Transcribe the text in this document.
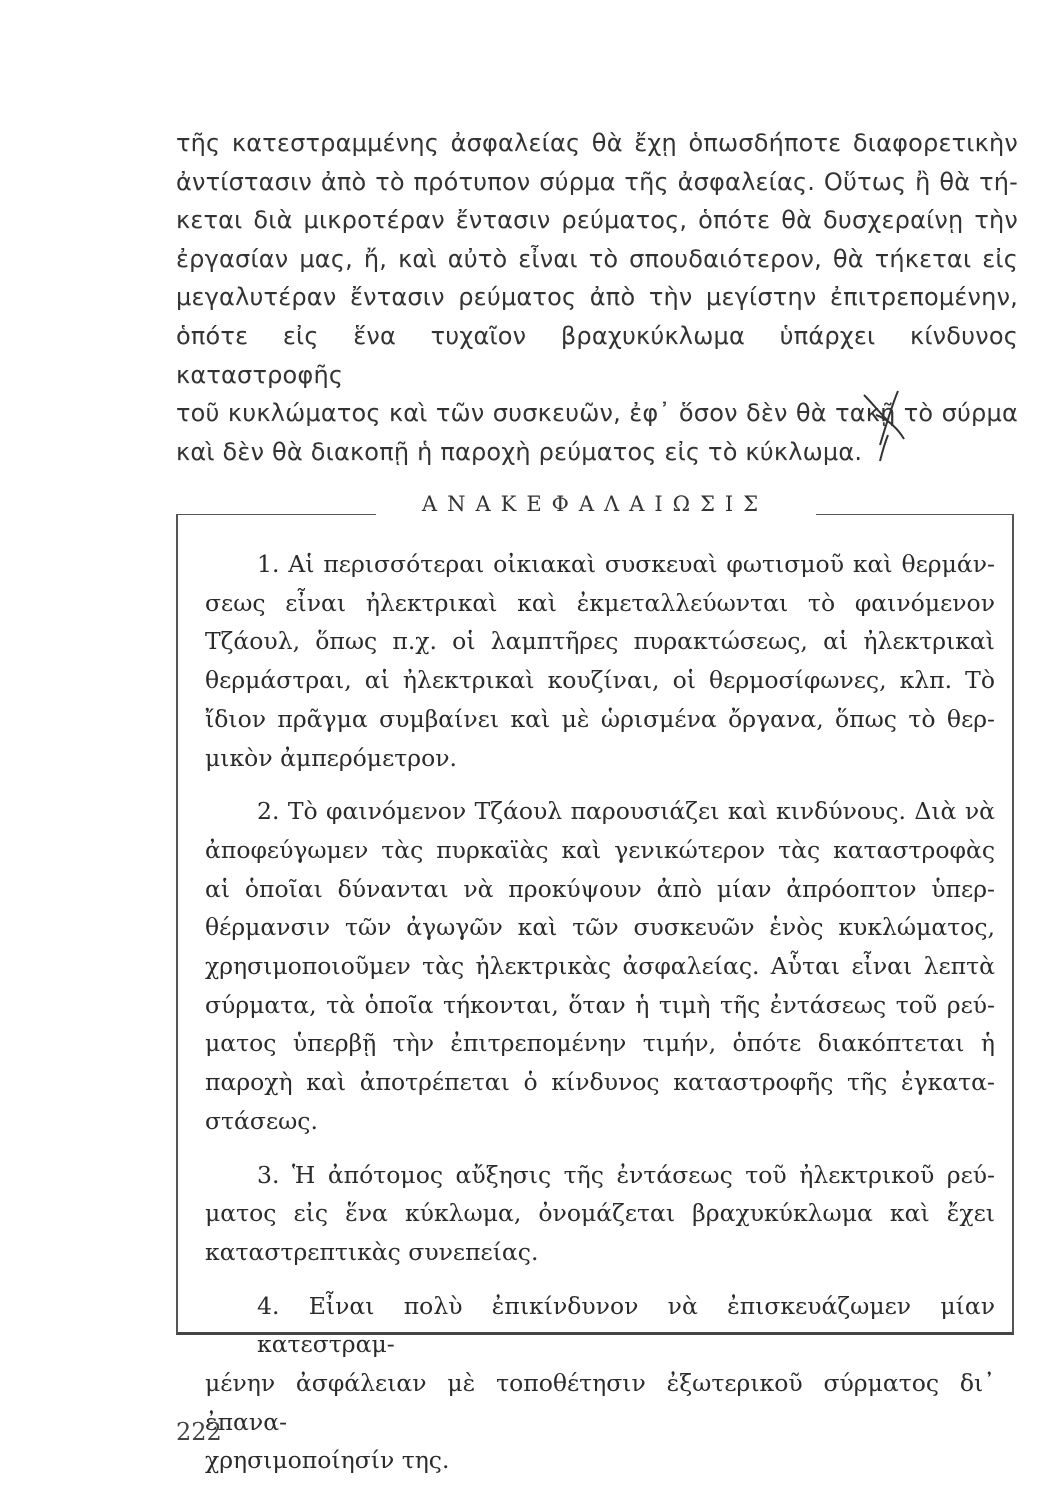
τῆς κατεστραμμένης ἀσφαλείας θὰ ἔχῃ ὁπωσδήποτε διαφορετικὴν
ἀντίστασιν ἀπὸ τὸ πρότυπον σύρμα τῆς ἀσφαλείας. Οὕτως ἢ θὰ τή-
κεται διὰ μικροτέραν ἔντασιν ρεύματος, ὁπότε θὰ δυσχεραίνῃ τὴν
ἐργασίαν μας, ἤ, καὶ αὐτὸ εἶναι τὸ σπουδαιότερον, θὰ τήκεται εἰς
μεγαλυτέραν ἔντασιν ρεύματος ἀπὸ τὴν μεγίστην ἐπιτρεπομένην,
ὁπότε εἰς ἕνα τυχαῖον βραχυκύκλωμα ὑπάρχει κίνδυνος καταστροφῆς
τοῦ κυκλώματος καὶ τῶν συσκευῶν, ἐφ᾽ ὅσον δὲν θὰ τακῇ τὸ σύρμα
καὶ δὲν θὰ διακοπῇ ἡ παροχὴ ρεύματος εἰς τὸ κύκλωμα.
ΑΝΑΚΕΦΑΛΑΙΩΣΙΣ
1. Αἱ περισσότεραι οἰκιακαὶ συσκευαὶ φωτισμοῦ καὶ θερμάν-
σεως εἶναι ἠλεκτρικαὶ καὶ ἐκμεταλλεύωνται τὸ φαινόμενον
Τζάουλ, ὅπως π.χ. οἱ λαμπτῆρες πυρακτώσεως, αἱ ἠλεκτρικαὶ
θερμάστραι, αἱ ἠλεκτρικαὶ κουζίναι, οἱ θερμοσίφωνες, κλπ. Τὸ
ἴδιον πρᾶγμα συμβαίνει καὶ μὲ ὡρισμένα ὄργανα, ὅπως τὸ θερ-
μικὸν ἀμπερόμετρον.
2. Τὸ φαινόμενον Τζάουλ παρουσιάζει καὶ κινδύνους. Διὰ νὰ
ἀποφεύγωμεν τὰς πυρκαϊὰς καὶ γενικώτερον τὰς καταστροφὰς
αἱ ὁποῖαι δύνανται νὰ προκύψουν ἀπὸ μίαν ἀπρόοπτον ὑπερ-
θέρμανσιν τῶν ἀγωγῶν καὶ τῶν συσκευῶν ἑνὸς κυκλώματος,
χρησιμοποιοῦμεν τὰς ἠλεκτρικὰς ἀσφαλείας. Αὗται εἶναι λεπτὰ
σύρματα, τὰ ὁποῖα τήκονται, ὅταν ἡ τιμὴ τῆς ἐντάσεως τοῦ ρεύ-
ματος ὑπερβῇ τὴν ἐπιτρεπομένην τιμήν, ὁπότε διακόπτεται ἡ
παροχὴ καὶ ἀποτρέπεται ὁ κίνδυνος καταστροφῆς τῆς ἐγκατα-
στάσεως.
3. Ἡ ἀπότομος αὔξησις τῆς ἐντάσεως τοῦ ἠλεκτρικοῦ ρεύ-
ματος εἰς ἕνα κύκλωμα, ὀνομάζεται βραχυκύκλωμα καὶ ἔχει
καταστρεπτικὰς συνεπείας.
4. Εἶναι πολὺ ἐπικίνδυνον νὰ ἐπισκευάζωμεν μίαν κατεστραμ-
μένην ἀσφάλειαν μὲ τοποθέτησιν ἐξωτερικοῦ σύρματος δι᾽ ἐπανα-
χρησιμοποίησίν της.
222
